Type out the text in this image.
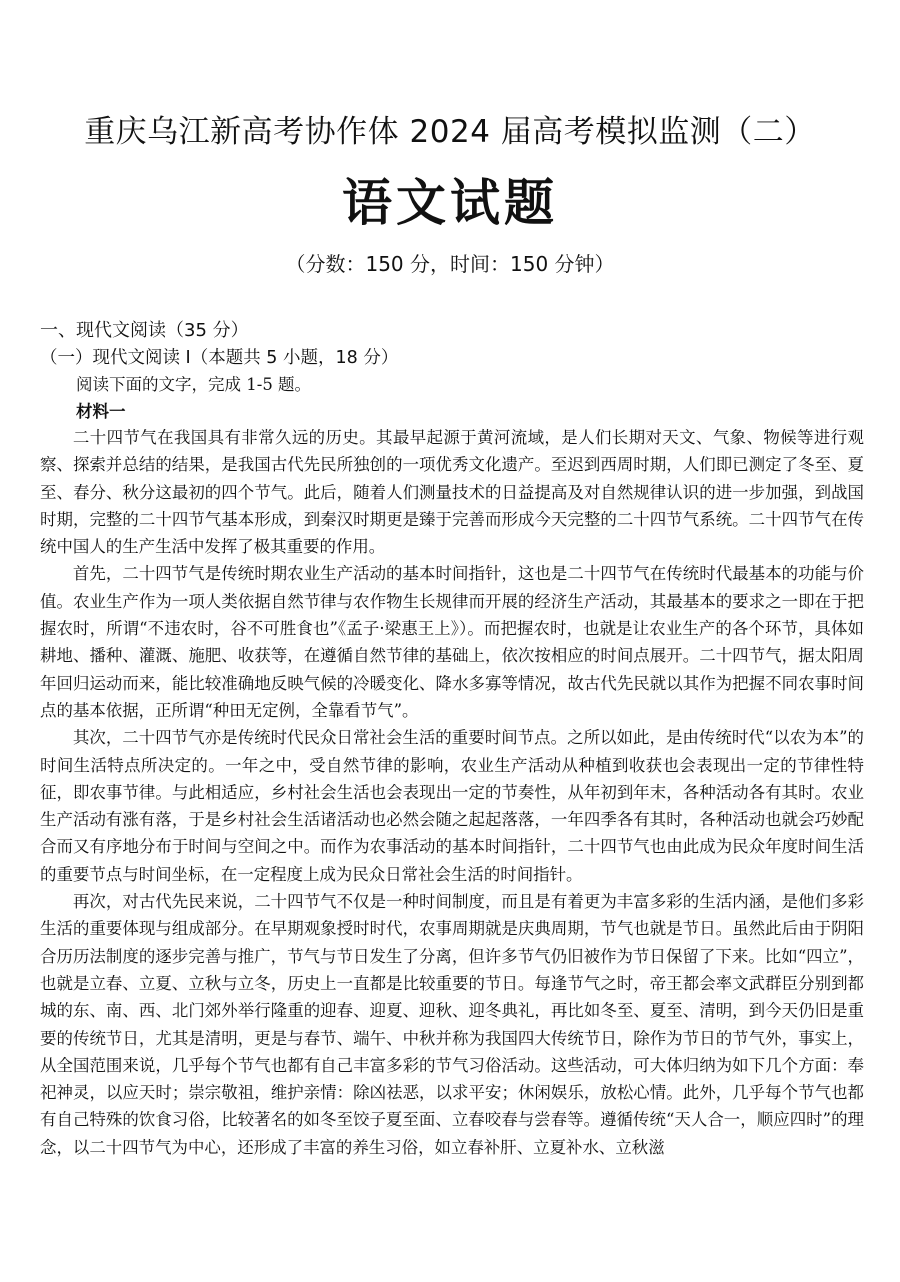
重庆乌江新高考协作体 2024 届高考模拟监测（二）
语文试题
（分数：150 分，时间：150 分钟）
一、现代文阅读（35 分）
（一）现代文阅读 I（本题共 5 小题，18 分）
阅读下面的文字，完成 1-5 题。
材料一

二十四节气在我国具有非常久远的历史。其最早起源于黄河流域，是人们长期对天文、气象、物候等进行观察、探索并总结的结果，是我国古代先民所独创的一项优秀文化遗产。至迟到西周时期，人们即已测定了冬至、夏至、春分、秋分这最初的四个节气。此后，随着人们测量技术的日益提高及对自然规律认识的进一步加强，到战国时期，完整的二十四节气基本形成，到秦汉时期更是臻于完善而形成今天完整的二十四节气系统。二十四节气在传统中国人的生产生活中发挥了极其重要的作用。

首先，二十四节气是传统时期农业生产活动的基本时间指针，这也是二十四节气在传统时代最基本的功能与价值。农业生产作为一项人类依据自然节律与农作物生长规律而开展的经济生产活动，其最基本的要求之一即在于把握农时，所谓“不违农时，谷不可胜食也”《孟子·梁惠王上》）。而把握农时，也就是让农业生产的各个环节，具体如耕地、播种、灌溉、施肥、收获等，在遵循自然节律的基础上，依次按相应的时间点展开。二十四节气，据太阳周年回归运动而来，能比较准确地反映气候的冷暖变化、降水多寡等情况，故古代先民就以其作为把握不同农事时间点的基本依据，正所谓“种田无定例，全靠看节气”。

其次，二十四节气亦是传统时代民众日常社会生活的重要时间节点。之所以如此，是由传统时代“以农为本”的时间生活特点所决定的。一年之中，受自然节律的影响，农业生产活动从种植到收获也会表现出一定的节律性特征，即农事节律。与此相适应，乡村社会生活也会表现出一定的节奏性，从年初到年末，各种活动各有其时。农业生产活动有涨有落，于是乡村社会生活诸活动也必然会随之起起落落，一年四季各有其时，各种活动也就会巧妙配合而又有序地分布于时间与空间之中。而作为农事活动的基本时间指针，二十四节气也由此成为民众年度时间生活的重要节点与时间坐标，在一定程度上成为民众日常社会生活的时间指针。

再次，对古代先民来说，二十四节气不仅是一种时间制度，而且是有着更为丰富多彩的生活内涵，是他们多彩生活的重要体现与组成部分。在早期观象授时时代，农事周期就是庆典周期，节气也就是节日。虽然此后由于阴阳合历历法制度的逐步完善与推广，节气与节日发生了分离，但许多节气仍旧被作为节日保留了下来。比如“四立”，也就是立春、立夏、立秋与立冬，历史上一直都是比较重要的节日。每逢节气之时，帝王都会率文武群臣分别到都城的东、南、西、北门郊外举行隆重的迎春、迎夏、迎秋、迎冬典礼，再比如冬至、夏至、清明，到今天仍旧是重要的传统节日，尤其是清明，更是与春节、端午、中秋并称为我国四大传统节日，除作为节日的节气外，事实上，从全国范围来说，几乎每个节气也都有自己丰富多彩的节气习俗活动。这些活动，可大体归纳为如下几个方面：奉祀神灵，以应天时；崇宗敬祖，维护亲情：除凶祛恶，以求平安；休闲娱乐，放松心情。此外，几乎每个节气也都有自己特殊的饮食习俗，比较著名的如冬至饺子夏至面、立春咬春与尝春等。遵循传统“天人合一，顺应四时”的理念，以二十四节气为中心，还形成了丰富的养生习俗，如立春补肝、立夏补水、立秋滋
